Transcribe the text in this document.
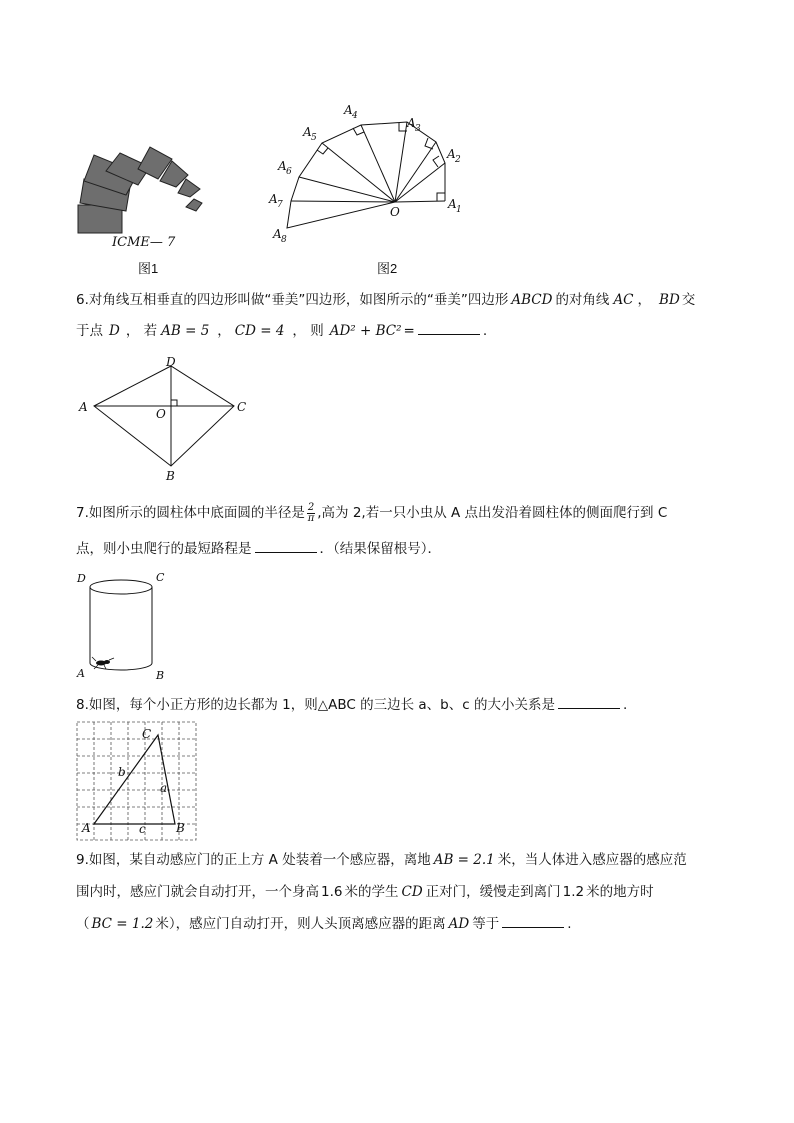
ICME— 7
图1
A 1
A 2
A 3
A 4
A 5
A 6
A 7
A 8
O
图2
6.对角线互相垂直的四边形叫做“垂美”四边形，如图所示的“垂美”四边形 ABCD 的对角线 AC ， BD 交
于点 D ， 若 AB = 5 ， CD = 4 ， 则 AD² + BC² =	.
A
D
C
B
O
7.如图所示的圆柱体中底面圆的半径是 $\frac{2}{\pi}$ ,高为 2,若一只小虫从 A 点出发沿着圆柱体的侧面爬行到 C
点，则小虫爬行的最短路程是	．（结果保留根号）．
D	C
A	B
8.如图，每个小正方形的边长都为 1，则△ABC 的三边长 a、b、c 的大小关系是	.
A
C
B
b
a
c
9.如图，某自动感应门的正上方 A 处装着一个感应器，离地 AB = 2.1 米，当人体进入感应器的感应范
围内时，感应门就会自动打开，一个身高 1.6 米的学生 CD 正对门，缓慢走到离门 1.2 米的地方时
（ BC = 1.2 米），感应门自动打开，则人头顶离感应器的距离 AD 等于	.
